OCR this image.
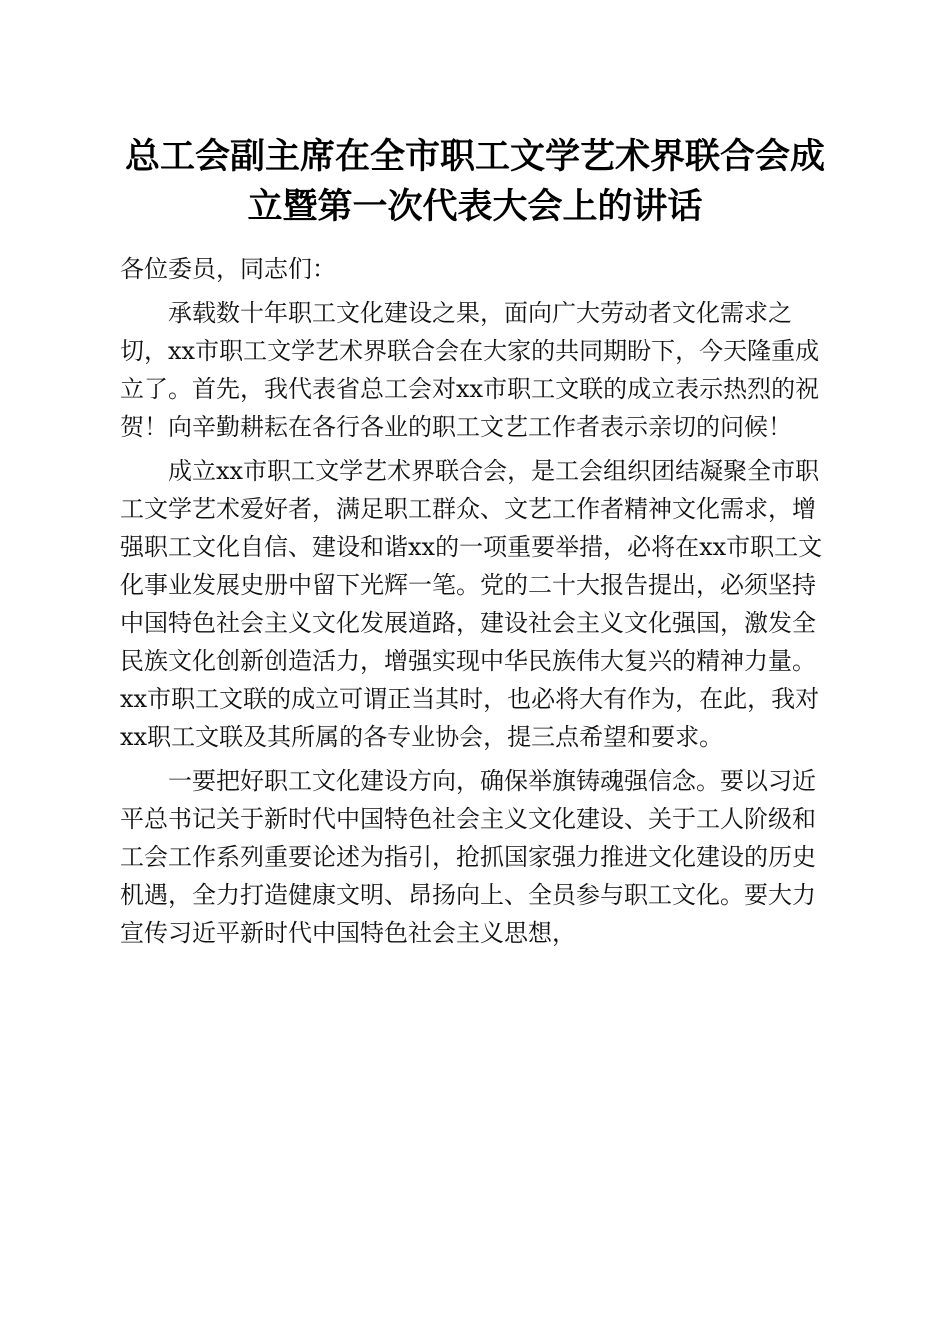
总工会副主席在全市职工文学艺术界联合会成
立暨第一次代表大会上的讲话

各位委员，同志们：

承载数十年职工文化建设之果，面向广大劳动者文化需求之切，xx市职工文学艺术界联合会在大家的共同期盼下，今天隆重成立了。首先，我代表省总工会对xx市职工文联的成立表示热烈的祝贺！向辛勤耕耘在各行各业的职工文艺工作者表示亲切的问候！

成立xx市职工文学艺术界联合会，是工会组织团结凝聚全市职工文学艺术爱好者，满足职工群众、文艺工作者精神文化需求，增强职工文化自信、建设和谐xx的一项重要举措，必将在xx市职工文化事业发展史册中留下光辉一笔。党的二十大报告提出，必须坚持中国特色社会主义文化发展道路，建设社会主义文化强国，激发全民族文化创新创造活力，增强实现中华民族伟大复兴的精神力量。xx市职工文联的成立可谓正当其时，也必将大有作为，在此，我对xx职工文联及其所属的各专业协会，提三点希望和要求。

一要把好职工文化建设方向，确保举旗铸魂强信念。要以习近平总书记关于新时代中国特色社会主义文化建设、关于工人阶级和工会工作系列重要论述为指引，抢抓国家强力推进文化建设的历史机遇，全力打造健康文明、昂扬向上、全员参与职工文化。要大力宣传习近平新时代中国特色社会主义思想，
